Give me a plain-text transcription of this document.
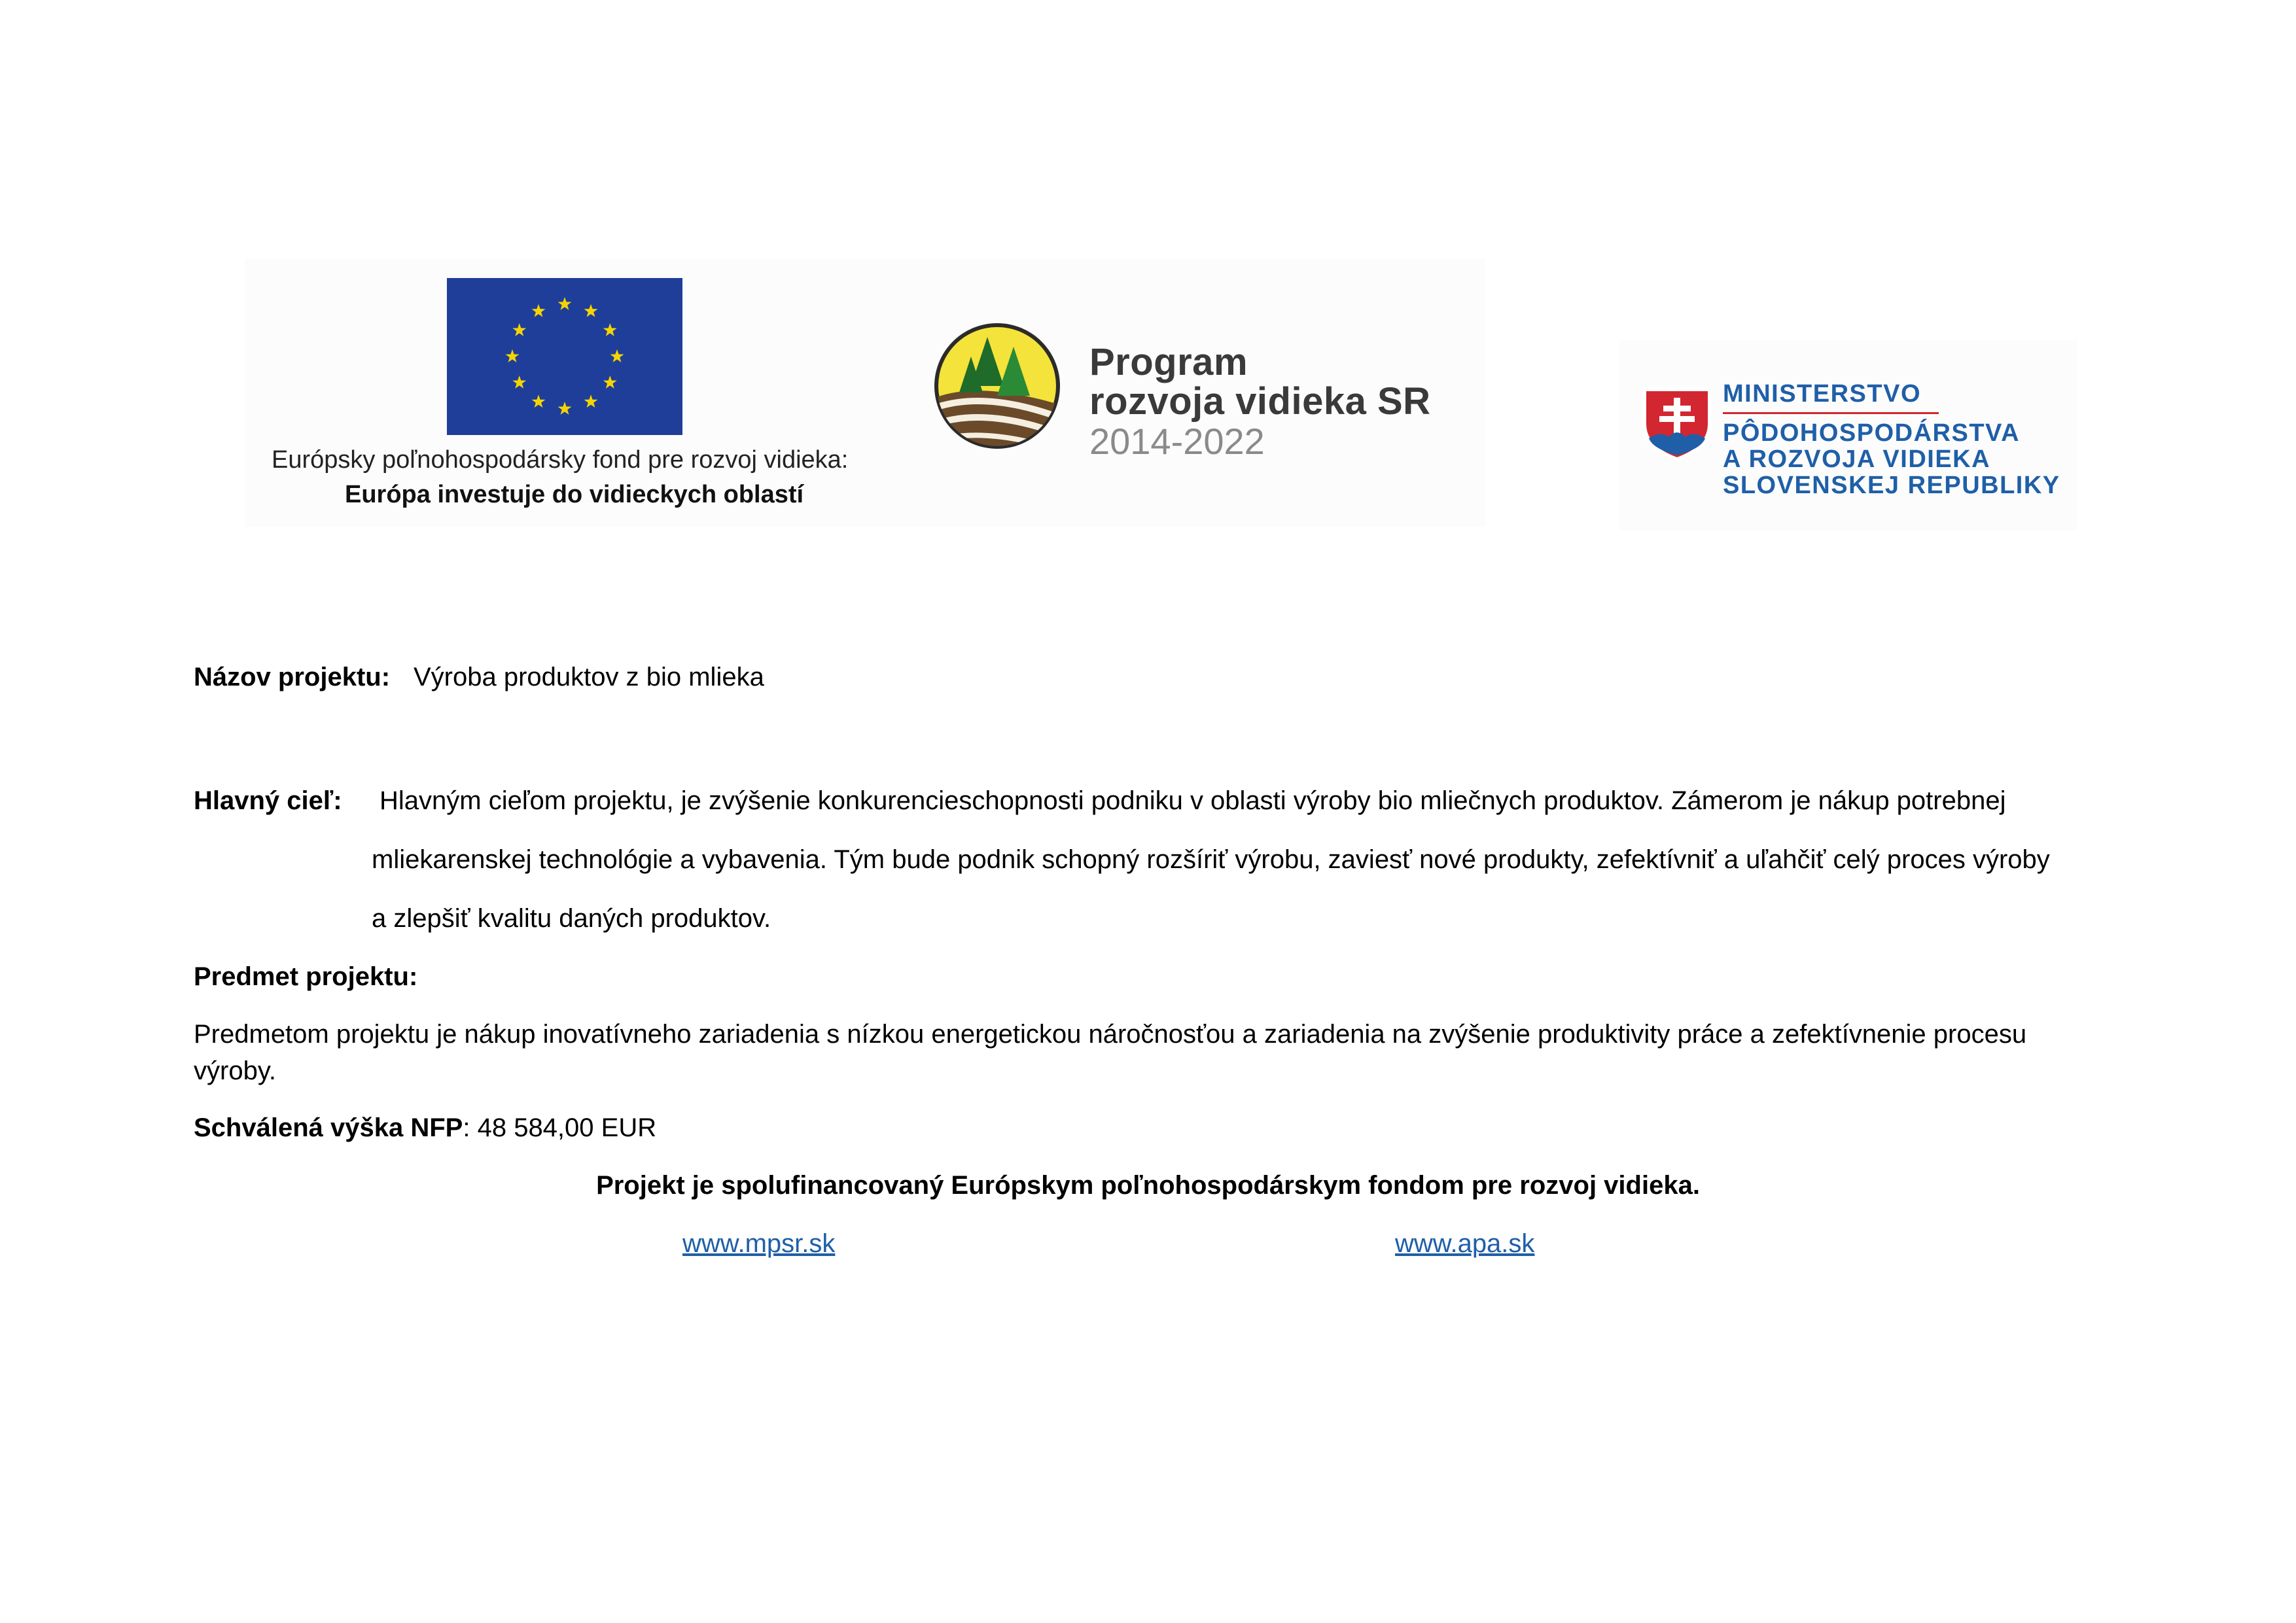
Európsky poľnohospodársky fond pre rozvoj vidieka:
Európa investuje do vidieckych oblastí
Program
rozvoja vidieka SR
2014-2022
MINISTERSTVO
PÔDOHOSPODÁRSTVA
A ROZVOJA VIDIEKA
SLOVENSKEJ REPUBLIKY
Názov projektu: Výroba produktov z bio mlieka
Hlavný cieľ: Hlavným cieľom projektu, je zvýšenie konkurencieschopnosti podniku v oblasti výroby bio mliečnych produktov. Zámerom je nákup potrebnej
mliekarenskej technológie a vybavenia. Tým bude podnik schopný rozšíriť výrobu, zaviesť nové produkty, zefektívniť a uľahčiť celý proces výroby
a zlepšiť kvalitu daných produktov.
Predmet projektu:
Predmetom projektu je nákup inovatívneho zariadenia s nízkou energetickou náročnosťou a zariadenia na zvýšenie produktivity práce a zefektívnenie procesu
výroby.
Schválená výška NFP: 48 584,00 EUR
Projekt je spolufinancovaný Európskym poľnohospodárskym fondom pre rozvoj vidieka.
www.mpsr.sk	www.apa.sk
